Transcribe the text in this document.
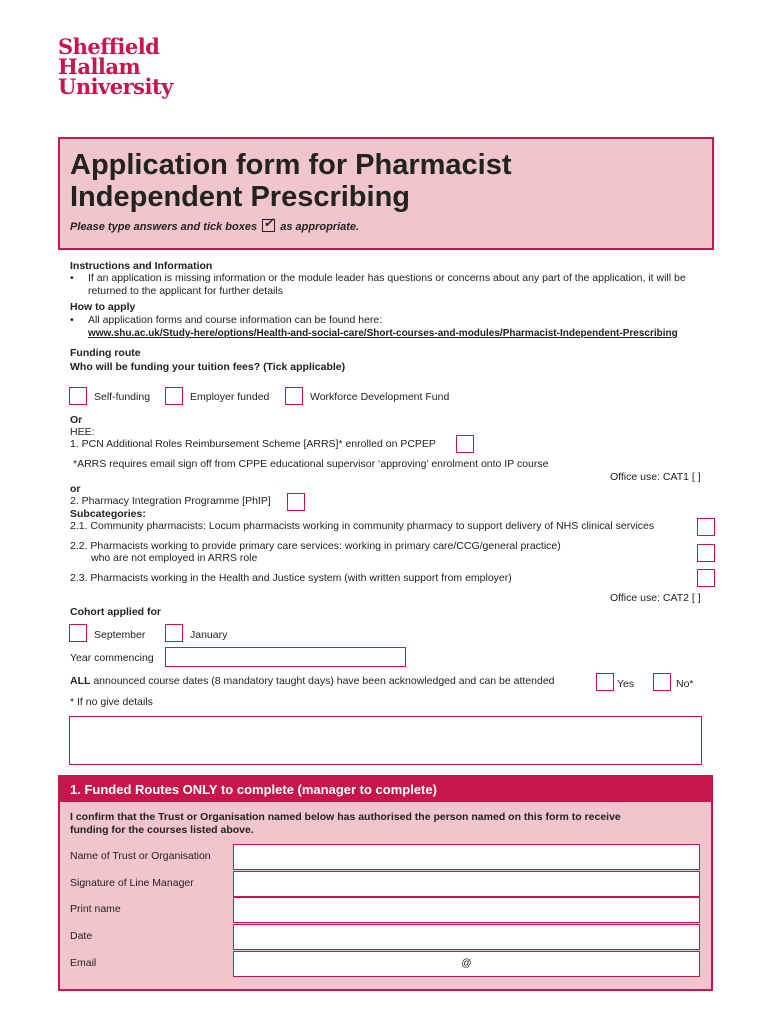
Sheffield
Hallam
University
Application form for Pharmacist
Independent Prescribing
Please type answers and tick boxes ✓ as appropriate.
Instructions and Information
• If an application is missing information or the module leader has questions or concerns about any part of the application, it will be
returned to the applicant for further details
How to apply
• All application forms and course information can be found here:
www.shu.ac.uk/Study-here/options/Health-and-social-care/Short-courses-and-modules/Pharmacist-Independent-Prescribing
Funding route
Who will be funding your tuition fees? (Tick applicable)
Self-funding	Employer funded	Workforce Development Fund
Or
HEE:
1. PCN Additional Roles Reimbursement Scheme [ARRS]* enrolled on PCPEP
*ARRS requires email sign off from CPPE educational supervisor ‘approving’ enrolment onto IP course
Office use: CAT1 [ ]
or
2. Pharmacy Integration Programme [PhIP]
Subcategories:
2.1. Community pharmacists: Locum pharmacists working in community pharmacy to support delivery of NHS clinical services
2.2. Pharmacists working to provide primary care services: working in primary care/CCG/general practice)
who are not employed in ARRS role
2.3. Pharmacists working in the Health and Justice system (with written support from employer)
Office use: CAT2 [ ]
Cohort applied for
September	January
Year commencing
ALL announced course dates (8 mandatory taught days) have been acknowledged and can be attended	Yes	No*
* If no give details
1. Funded Routes ONLY to complete (manager to complete)
I confirm that the Trust or Organisation named below has authorised the person named on this form to receive
funding for the courses listed above.
Name of Trust or Organisation
Signature of Line Manager
Print name
Date
Email	@
